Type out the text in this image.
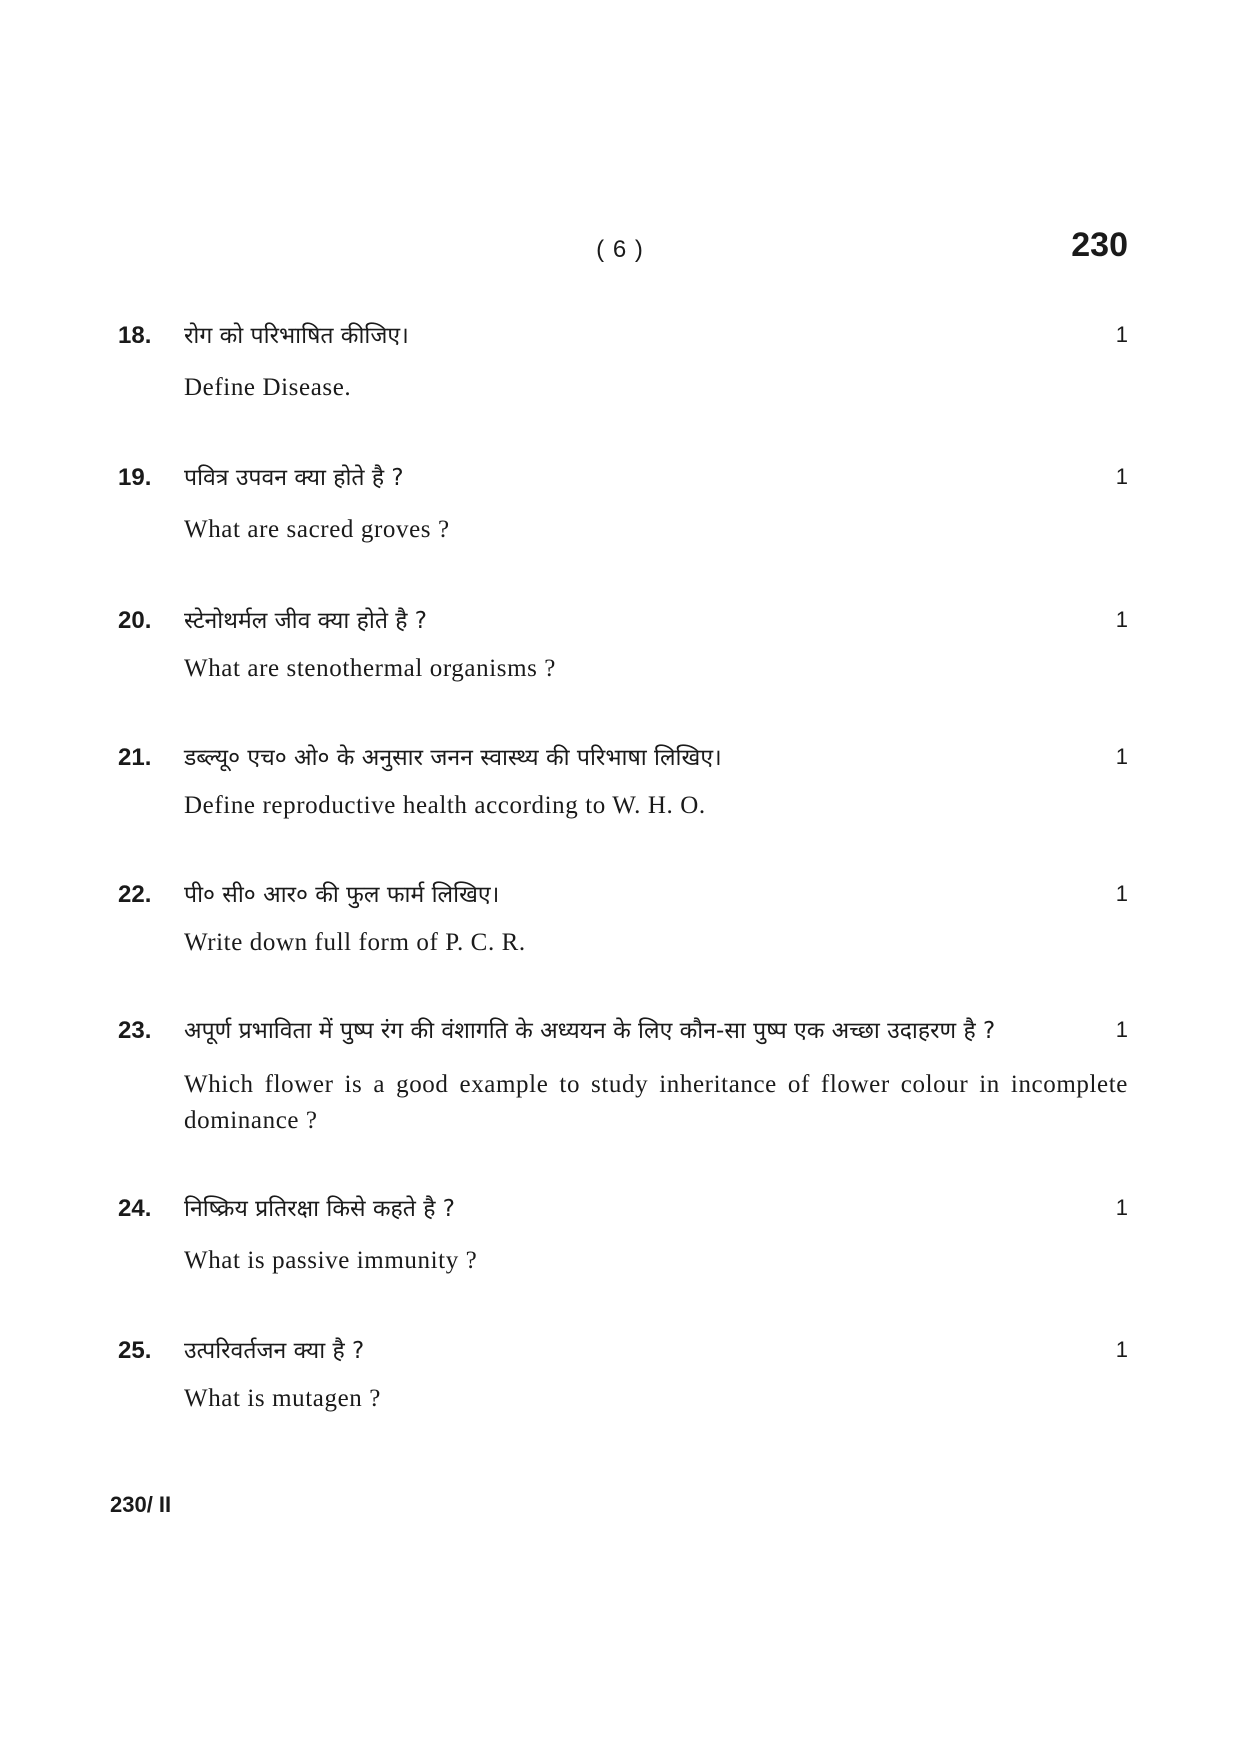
( 6 )	230
18. रोग को परिभाषित कीजिए।	1
Define Disease.
19. पवित्र उपवन क्या होते है ?	1
What are sacred groves ?
20. स्टेनोथर्मल जीव क्या होते है ?	1
What are stenothermal organisms ?
21. डब्ल्यू० एच० ओ० के अनुसार जनन स्वास्थ्य की परिभाषा लिखिए।	1
Define reproductive health according to W. H. O.
22. पी० सी० आर० की फुल फार्म लिखिए।	1
Write down full form of P. C. R.
23. अपूर्ण प्रभाविता में पुष्प रंग की वंशागति के अध्ययन के लिए कौन-सा पुष्प एक अच्छा उदाहरण है ?	1
Which flower is a good example to study inheritance of flower colour in incomplete dominance ?
24. निष्क्रिय प्रतिरक्षा किसे कहते है ?	1
What is passive immunity ?
25. उत्परिवर्तजन क्या है ?	1
What is mutagen ?
230/ II
